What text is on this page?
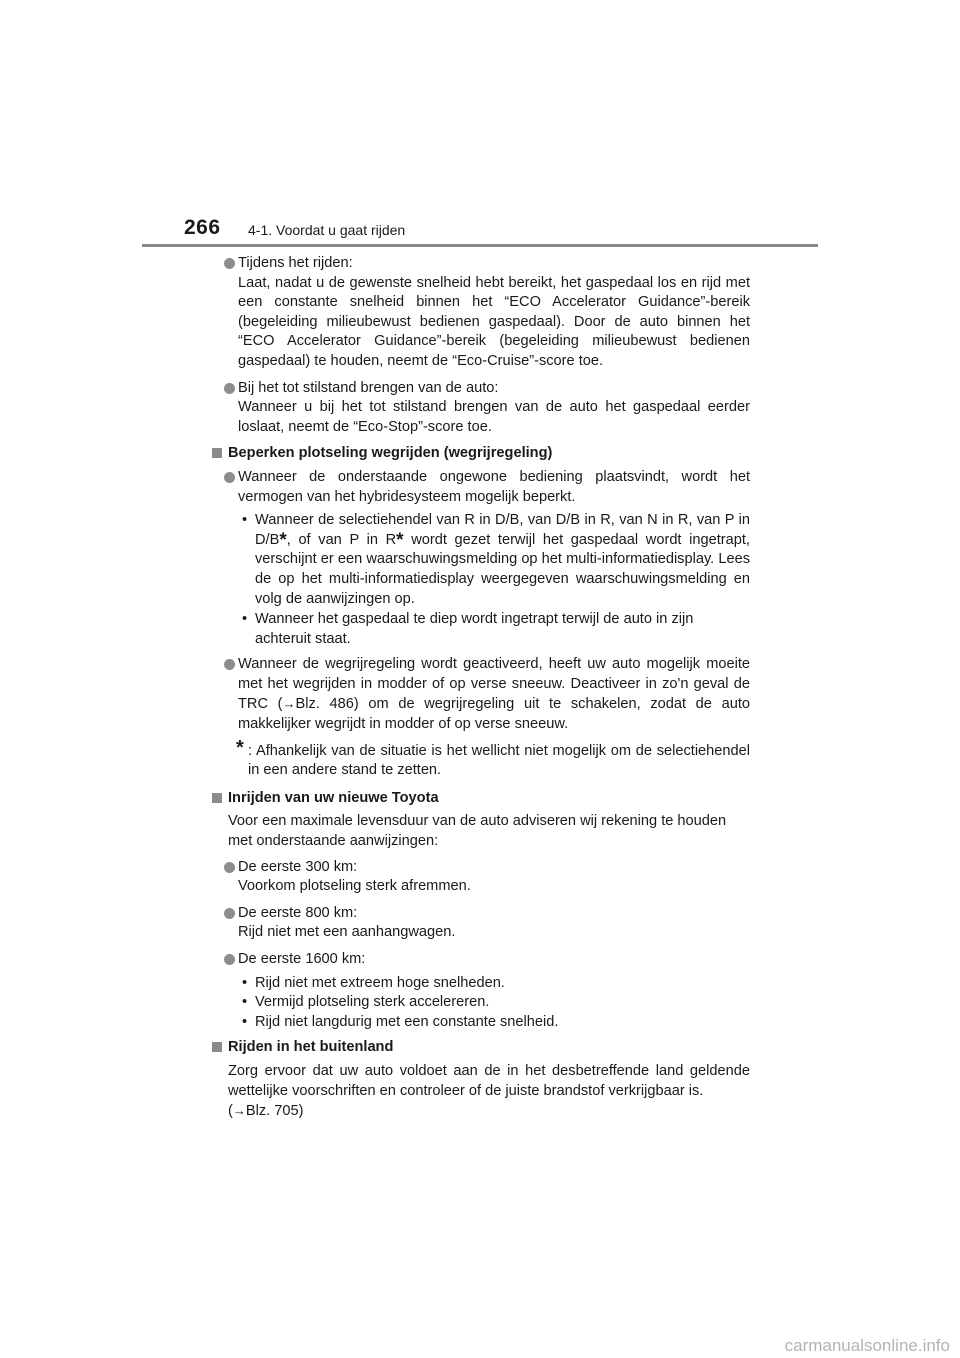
266 4-1. Voordat u gaat rijden
Tijdens het rijden:
Laat, nadat u de gewenste snelheid hebt bereikt, het gaspedaal los en rijd met een constante snelheid binnen het “ECO Accelerator Guidance”-bereik (begeleiding milieubewust bedienen gaspedaal). Door de auto binnen het “ECO Accelerator Guidance”-bereik (begeleiding milieubewust bedienen gaspedaal) te houden, neemt de “Eco-Cruise”-score toe.
Bij het tot stilstand brengen van de auto:
Wanneer u bij het tot stilstand brengen van de auto het gaspedaal eerder loslaat, neemt de “Eco-Stop”-score toe.
Beperken plotseling wegrijden (wegrijregeling)
Wanneer de onderstaande ongewone bediening plaatsvindt, wordt het vermogen van het hybridesysteem mogelijk beperkt.
• Wanneer de selectiehendel van R in D/B, van D/B in R, van N in R, van P in D/B*, of van P in R* wordt gezet terwijl het gaspedaal wordt ingetrapt, verschijnt er een waarschuwingsmelding op het multi-informatiedisplay. Lees de op het multi-informatiedisplay weergegeven waarschuwingsmelding en volg de aanwijzingen op.
• Wanneer het gaspedaal te diep wordt ingetrapt terwijl de auto in zijn achteruit staat.
Wanneer de wegrijregeling wordt geactiveerd, heeft uw auto mogelijk moeite met het wegrijden in modder of op verse sneeuw. Deactiveer in zo'n geval de TRC (→Blz. 486) om de wegrijregeling uit te schakelen, zodat de auto makkelijker wegrijdt in modder of op verse sneeuw.
* : Afhankelijk van de situatie is het wellicht niet mogelijk om de selectiehendel in een andere stand te zetten.
Inrijden van uw nieuwe Toyota
Voor een maximale levensduur van de auto adviseren wij rekening te houden met onderstaande aanwijzingen:
De eerste 300 km:
Voorkom plotseling sterk afremmen.
De eerste 800 km:
Rijd niet met een aanhangwagen.
De eerste 1600 km:
• Rijd niet met extreem hoge snelheden.
• Vermijd plotseling sterk accelereren.
• Rijd niet langdurig met een constante snelheid.
Rijden in het buitenland
Zorg ervoor dat uw auto voldoet aan de in het desbetreffende land geldende wettelijke voorschriften en controleer of de juiste brandstof verkrijgbaar is.
(→Blz. 705)
carmanualsonline.info
